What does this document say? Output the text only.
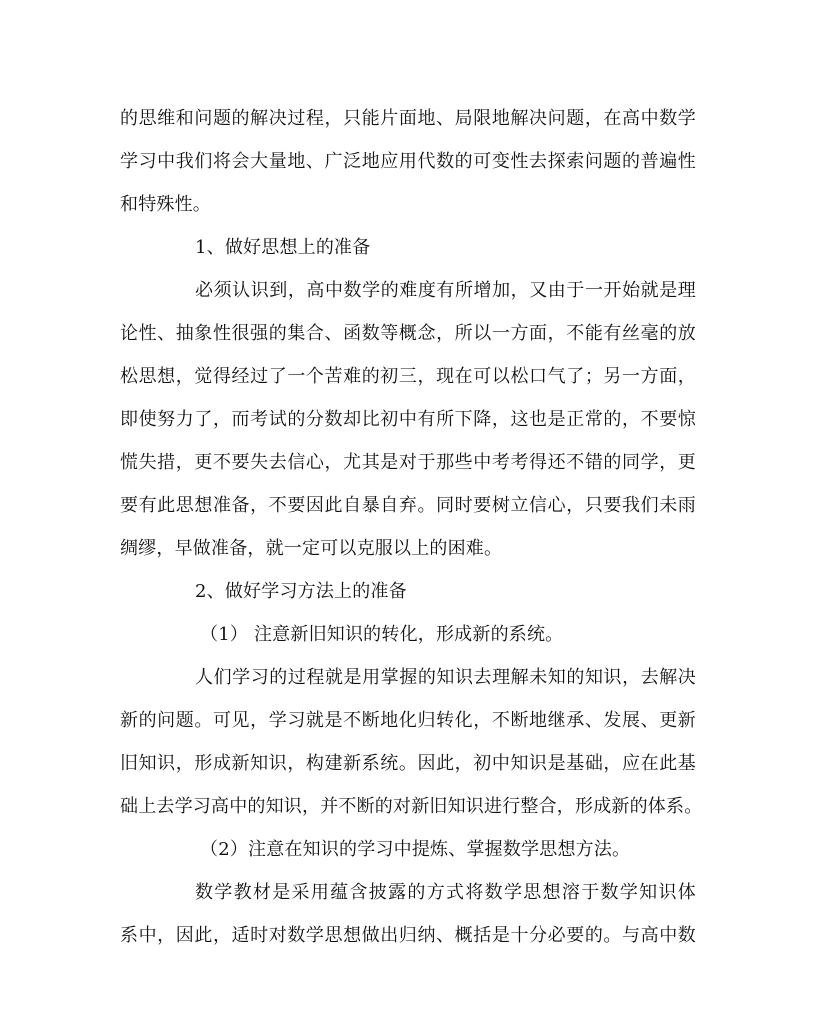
的思维和问题的解决过程，只能片面地、局限地解决问题，在高中数学
学习中我们将会大量地、广泛地应用代数的可变性去探索问题的普遍性
和特殊性。
1、做好思想上的准备
必须认识到，高中数学的难度有所增加，又由于一开始就是理
论性、抽象性很强的集合、函数等概念，所以一方面，不能有丝毫的放
松思想，觉得经过了一个苦难的初三，现在可以松口气了；另一方面，
即使努力了，而考试的分数却比初中有所下降，这也是正常的，不要惊
慌失措，更不要失去信心，尤其是对于那些中考考得还不错的同学，更
要有此思想准备，不要因此自暴自弃。同时要树立信心，只要我们未雨
绸缪，早做准备，就一定可以克服以上的困难。
2、做好学习方法上的准备
（1） 注意新旧知识的转化，形成新的系统。
人们学习的过程就是用掌握的知识去理解未知的知识，去解决
新的问题。可见，学习就是不断地化归转化，不断地继承、发展、更新
旧知识，形成新知识，构建新系统。因此，初中知识是基础，应在此基
础上去学习高中的知识，并不断的对新旧知识进行整合，形成新的体系。
（2）注意在知识的学习中提炼、掌握数学思想方法。
数学教材是采用蕴含披露的方式将数学思想溶于数学知识体
系中，因此，适时对数学思想做出归纳、概括是十分必要的。与高中数
